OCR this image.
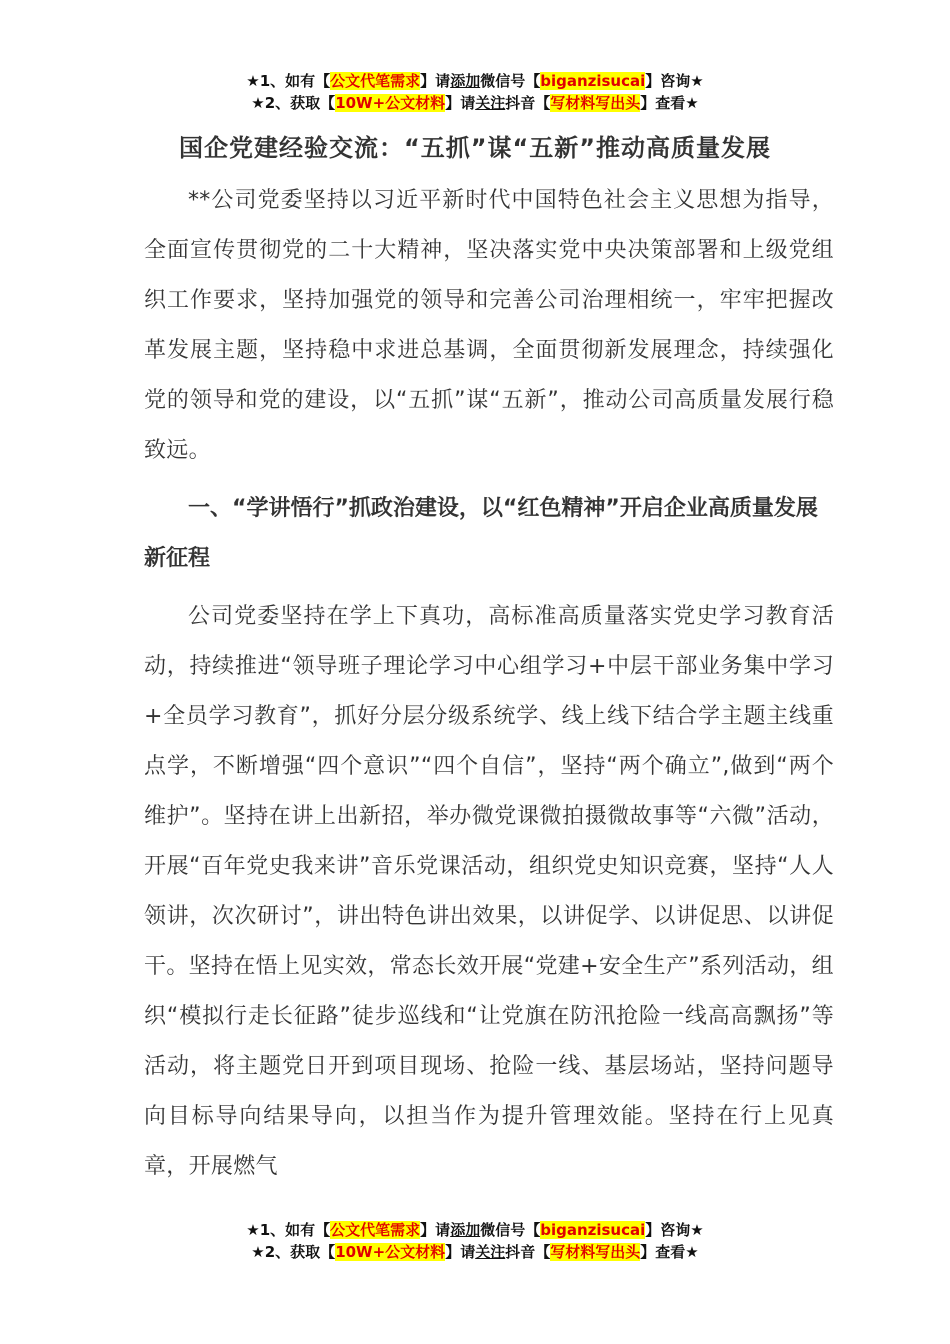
★1、如有【公文代笔需求】请添加微信号【biganzisucai】咨询★
★2、获取【10W+公文材料】请关注抖音【写材料写出头】查看★
国企党建经验交流：“五抓”谋“五新”推动高质量发展

**公司党委坚持以习近平新时代中国特色社会主义思想为指导，全面宣传贯彻党的二十大精神，坚决落实党中央决策部署和上级党组织工作要求，坚持加强党的领导和完善公司治理相统一，牢牢把握改革发展主题，坚持稳中求进总基调，全面贯彻新发展理念，持续强化党的领导和党的建设，以“五抓”谋“五新”，推动公司高质量发展行稳致远。

一、“学讲悟行”抓政治建设，以“红色精神”开启企业高质量发展新征程

公司党委坚持在学上下真功，高标准高质量落实党史学习教育活动，持续推进“领导班子理论学习中心组学习+中层干部业务集中学习+全员学习教育”，抓好分层分级系统学、线上线下结合学主题主线重点学，不断增强“四个意识”“四个自信”，坚持“两个确立”,做到“两个维护”。坚持在讲上出新招，举办微党课微拍摄微故事等“六微”活动，开展“百年党史我来讲”音乐党课活动，组织党史知识竞赛，坚持“人人领讲，次次研讨”，讲出特色讲出效果，以讲促学、以讲促思、以讲促干。坚持在悟上见实效，常态长效开展“党建+安全生产”系列活动，组织“模拟行走长征路”徒步巡线和“让党旗在防汛抢险一线高高飘扬”等活动，将主题党日开到项目现场、抢险一线、基层场站，坚持问题导向目标导向结果导向，以担当作为提升管理效能。坚持在行上见真章，开展燃气

★1、如有【公文代笔需求】请添加微信号【biganzisucai】咨询★
★2、获取【10W+公文材料】请关注抖音【写材料写出头】查看★
